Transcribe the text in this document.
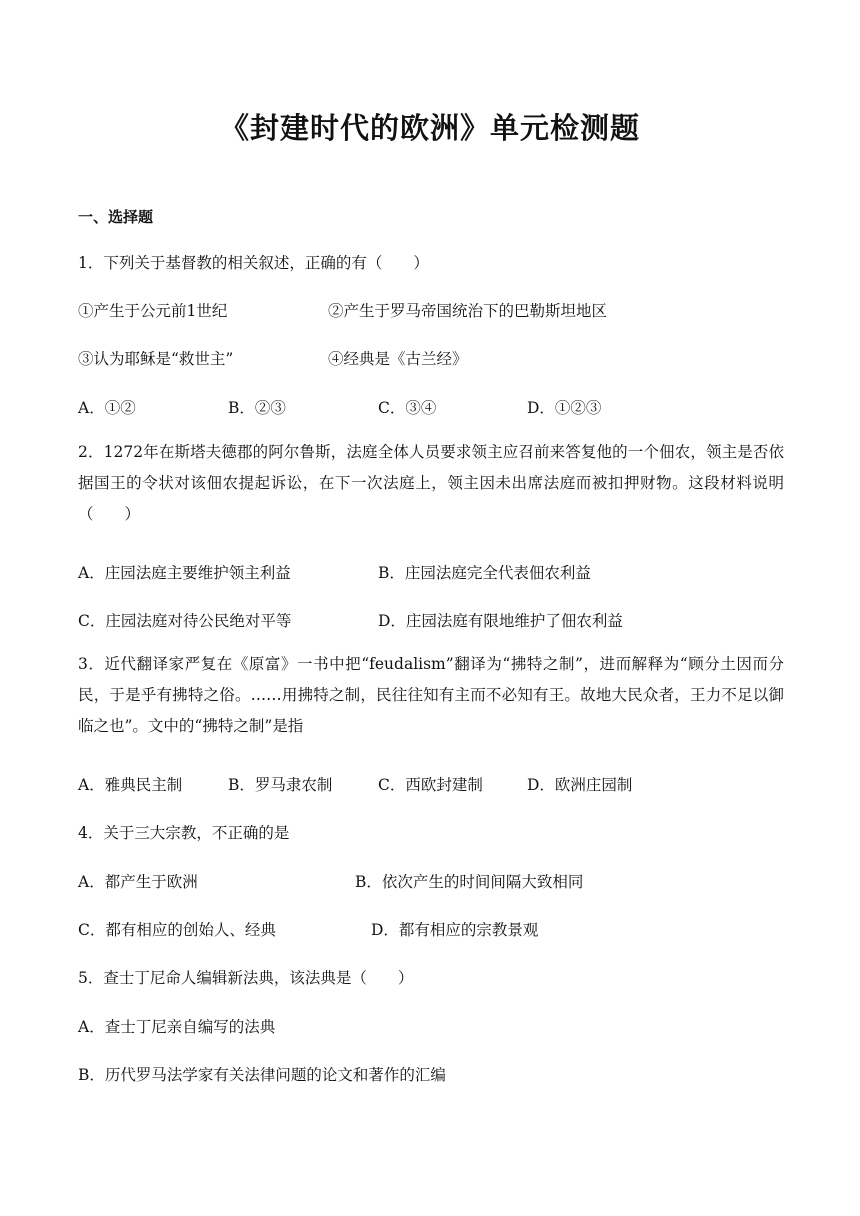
《封建时代的欧洲》单元检测题
一、选择题
1．下列关于基督教的相关叙述，正确的有（　　）
①产生于公元前1世纪	②产生于罗马帝国统治下的巴勒斯坦地区
③认为耶稣是“救世主”	④经典是《古兰经》
A．①②	B．②③	C．③④	D．①②③
2．1272年在斯塔夫德郡的阿尔鲁斯，法庭全体人员要求领主应召前来答复他的一个佃农，领主是否依据国王的令状对该佃农提起诉讼，在下一次法庭上，领主因未出席法庭而被扣押财物。这段材料说明（　　）
A．庄园法庭主要维护领主利益	B．庄园法庭完全代表佃农利益
C．庄园法庭对待公民绝对平等	D．庄园法庭有限地维护了佃农利益
3．近代翻译家严复在《原富》一书中把“feudalism”翻译为“拂特之制”，进而解释为“顾分土因而分民，于是乎有拂特之俗。……用拂特之制，民往往知有主而不必知有王。故地大民众者，王力不足以御临之也”。文中的“拂特之制”是指
A．雅典民主制	B．罗马隶农制	C．西欧封建制	D．欧洲庄园制
4．关于三大宗教，不正确的是
A．都产生于欧洲	B．依次产生的时间间隔大致相同
C．都有相应的创始人、经典	D．都有相应的宗教景观
5．查士丁尼命人编辑新法典，该法典是（　　）
A．查士丁尼亲自编写的法典
B．历代罗马法学家有关法律问题的论文和著作的汇编
